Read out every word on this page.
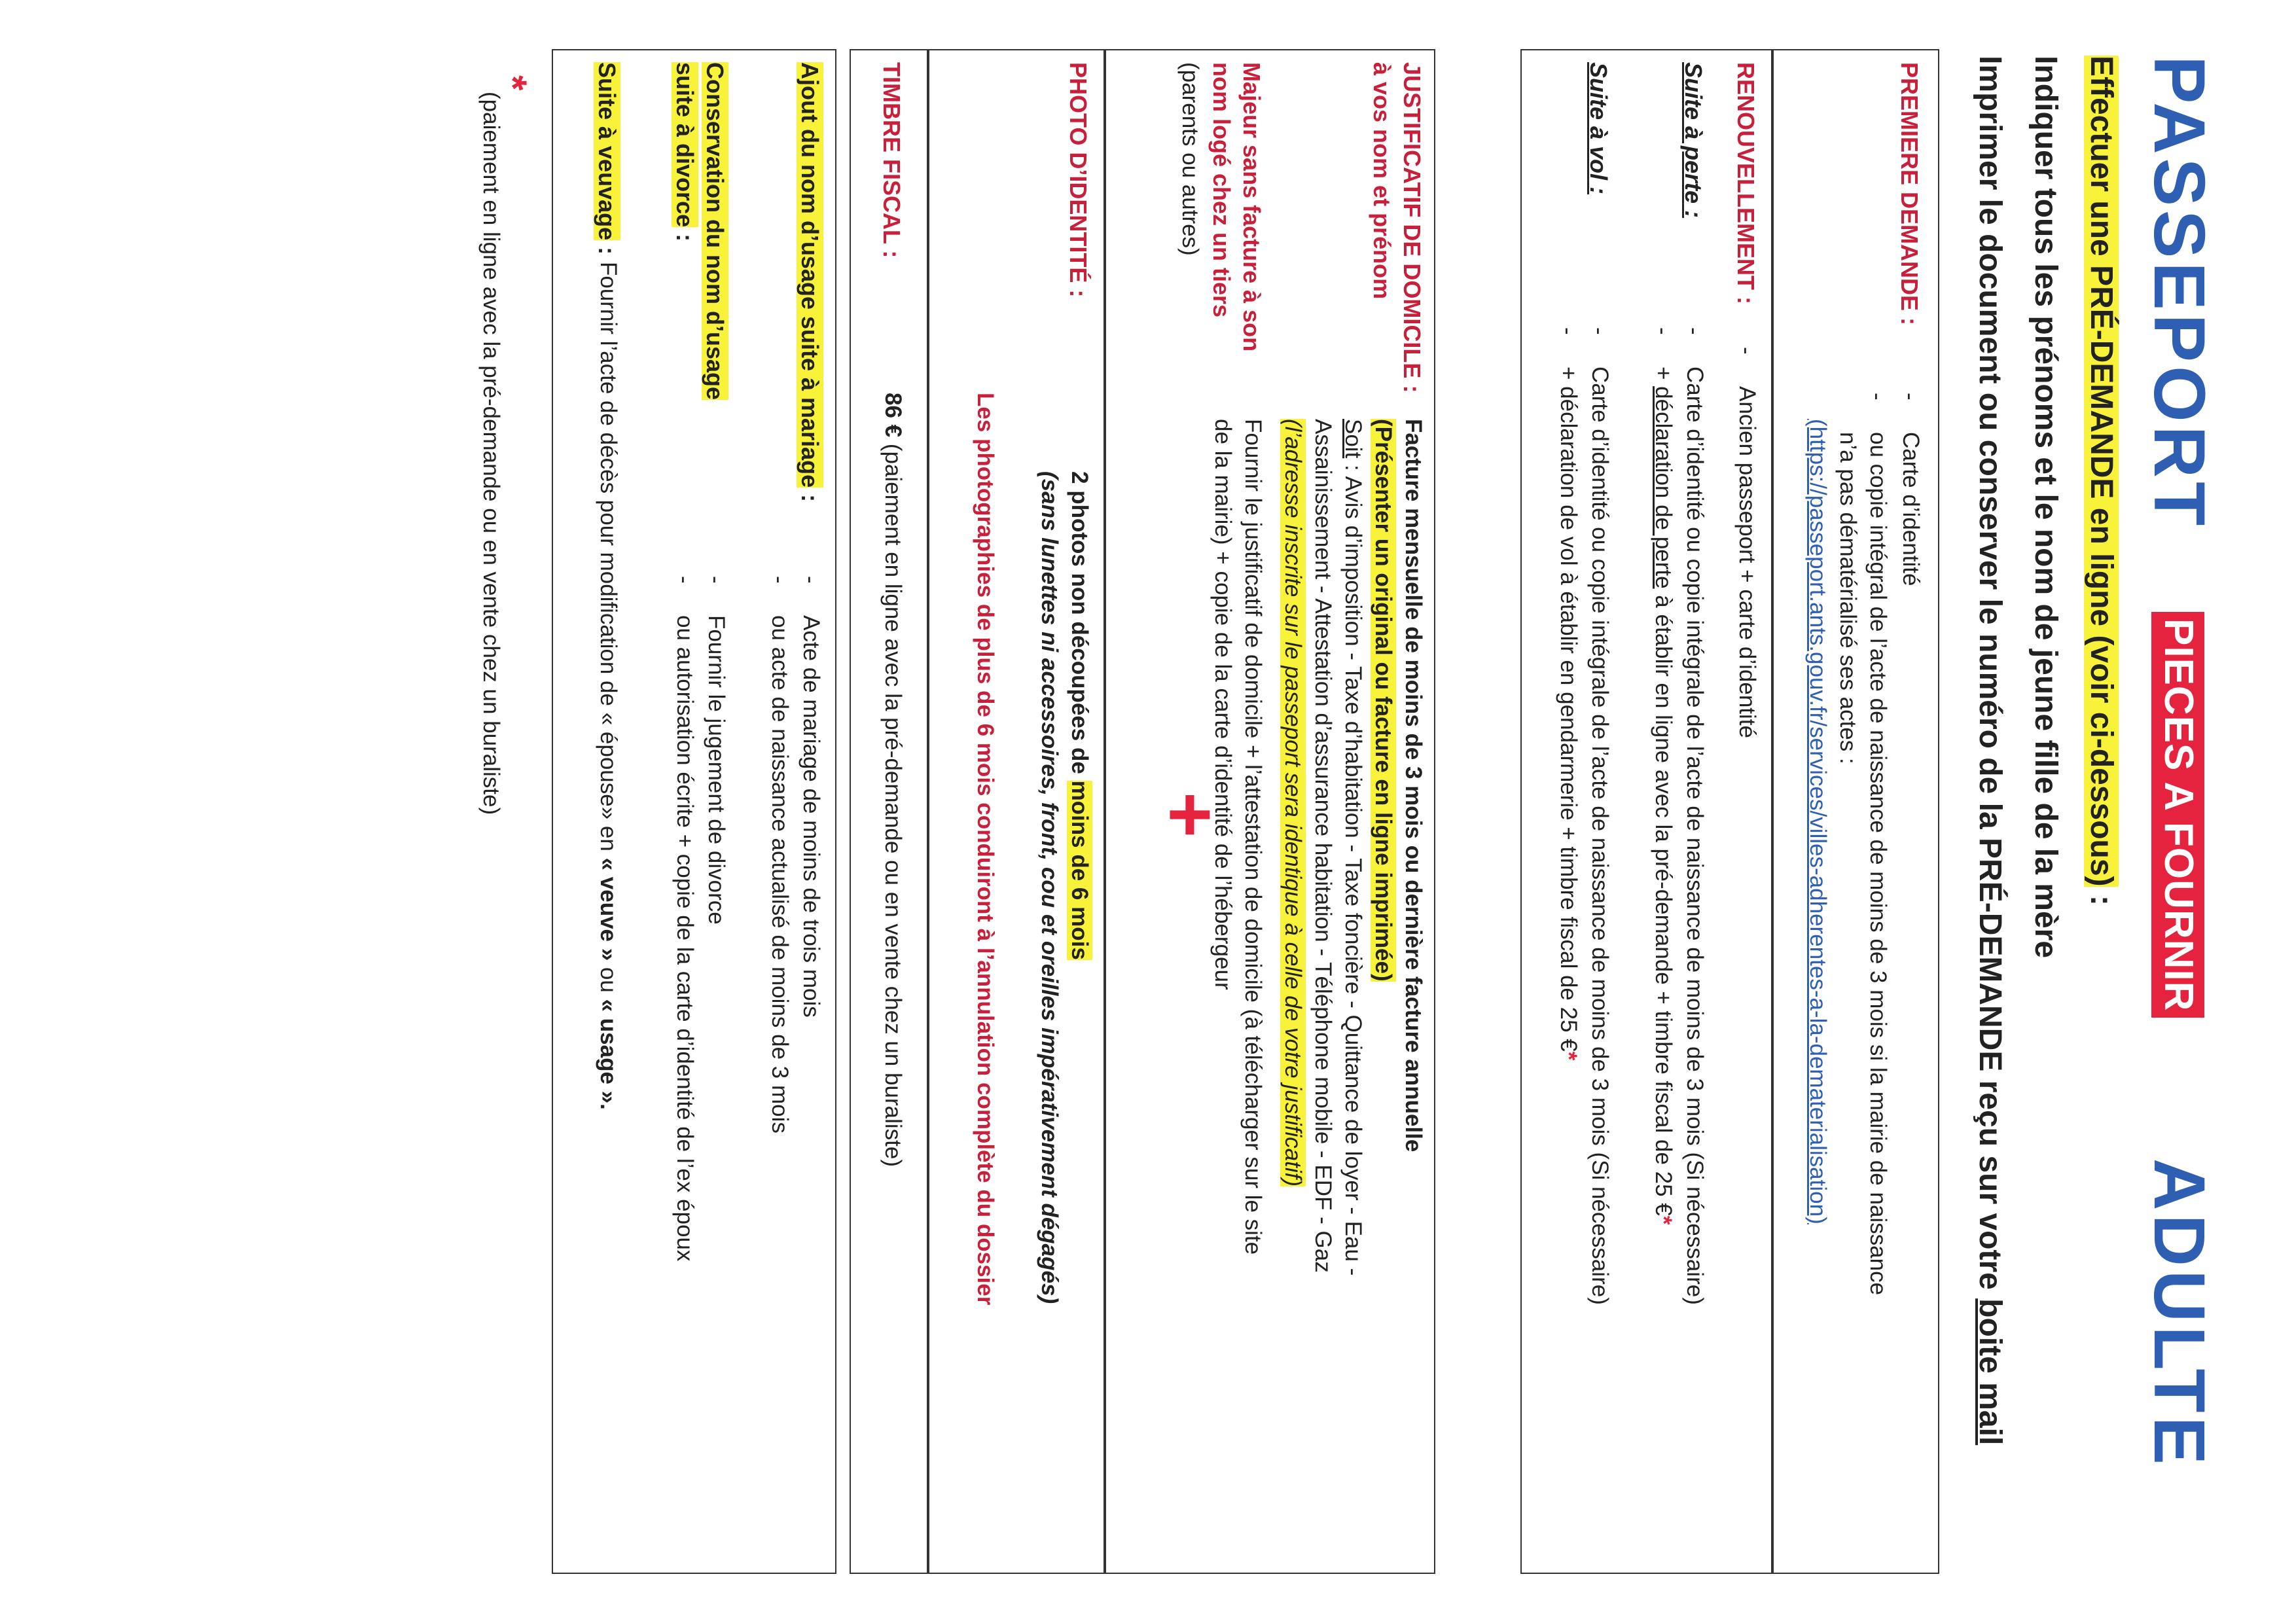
PASSEPORT
ADULTE
PIECES A FOURNIR
Effectuer une PRÉ-DEMANDE en ligne (voir ci-dessous) :
Indiquer tous les prénoms et le nom de jeune fille de la mère
Imprimer le document ou conserver le numéro de la PRÉ-DEMANDE reçu sur votre boite mail
PREMIERE DEMANDE :
-
Carte d’identité
-
ou copie intégral de l’acte de naissance de moins de 3 mois si la mairie de naissance
n’a pas dématérialisé ses actes :
(https://passeport.ants.gouv.fr/services/villes-adherentes-a-la-dematerialisation)
RENOUVELLEMENT :
-
Ancien passeport + carte d’identité
Suite à perte :
-
Carte d’identité ou copie intégrale de l’acte de naissance de moins de 3 mois (Si nécessaire)
-
+ déclaration de perte à établir en ligne avec la pré-demande + timbre fiscal de 25 €*
Suite à vol :
-
Carte d’identité ou copie intégrale de l’acte de naissance de moins de 3 mois (Si nécessaire)
-
+ déclaration de vol à établir en gendarmerie + timbre fiscal de 25 €*
+
JUSTIFICATIF DE DOMICILE :
à vos nom et prénom
Facture mensuelle de moins de 3 mois ou dernière facture annuelle
(Présenter un original ou facture en ligne imprimée)
Soit : Avis d’imposition - Taxe d’habitation - Taxe foncière - Quittance de loyer - Eau -
Assainissement - Attestation d’assurance habitation - Téléphone mobile - EDF - Gaz
(l’adresse inscrite sur le passeport sera identique à celle de votre justificatif)
Majeur sans facture à son
nom logé chez un tiers
(parents ou autres)
Fournir le justificatif de domicile + l’attestation de domicile (à télécharger sur le site
de la mairie) + copie de la carte d’identité de l’hébergeur
PHOTO D’IDENTITÉ :
2 photos non découpées de moins de 6 mois
(sans lunettes ni accessoires, front, cou et oreilles impérativement dégagés)
Les photographies de plus de 6 mois conduiront à l’annulation complète du dossier
TIMBRE FISCAL :
86 € (paiement en ligne avec la pré-demande ou en vente chez un buraliste)
Ajout du nom d’usage suite à mariage :
-
Acte de mariage de moins de trois mois
-
ou acte de naissance actualisé de moins de 3 mois
Conservation du nom d’usage
suite à divorce :
-
Fournir le jugement de divorce
-
ou autorisation écrite + copie de la carte d’identité de l’ex époux
Suite à veuvage :
Fournir l’acte de décès pour modification de « épouse» en « veuve » ou « usage ».
*
(paiement en ligne avec la pré-demande ou en vente chez un buraliste)
